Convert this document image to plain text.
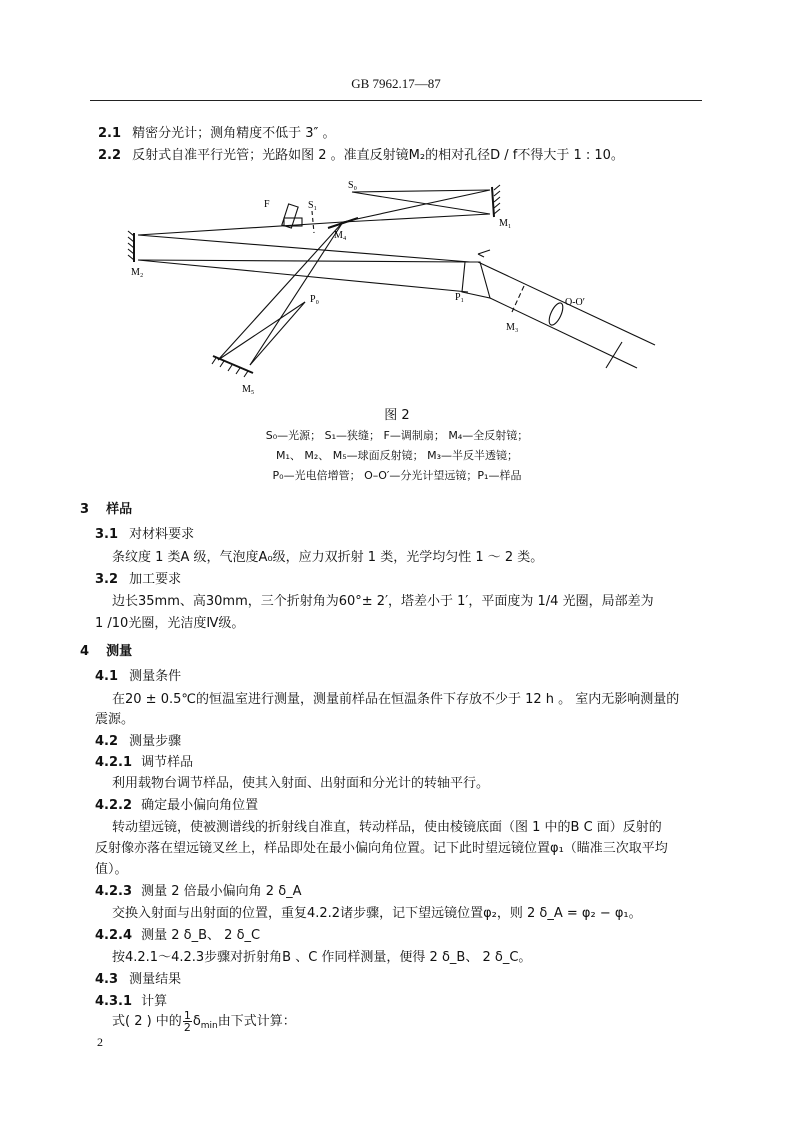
GB 7962.17—87
2.1 精密分光计；测角精度不低于 3″ 。
2.2 反射式自准平行光管；光路如图 2 。准直反射镜M₂的相对孔径D / f不得大于 1 : 10。
S₀
F	S₁
M₁
M₄
M₂
P₀	P₁
M₃
O-O′
M₅
图 2
S₀—光源； S₁—狭缝； F—调制扇； M₄—全反射镜；
M₁、 M₂、 M₅—球面反射镜； M₃—半反半透镜；
P₀—光电倍增管； O–O′—分光计望远镜；P₁—样品
3 样品
3.1 对材料要求
条纹度 1 类A 级，气泡度A₀级，应力双折射 1 类，光学均匀性 1 ～ 2 类。
3.2 加工要求
边长35mm、高30mm，三个折射角为60°± 2′，塔差小于 1′，平面度为 1/4 光圈，局部差为
1 /10光圈，光洁度Ⅳ级。
4 测量
4.1 测量条件
在20 ± 0.5℃的恒温室进行测量，测量前样品在恒温条件下存放不少于 12 h 。 室内无影响测量的
震源。
4.2 测量步骤
4.2.1 调节样品
利用载物台调节样品，使其入射面、出射面和分光计的转轴平行。
4.2.2 确定最小偏向角位置
转动望远镜，使被测谱线的折射线自准直，转动样品，使由棱镜底面（图 1 中的B C 面）反射的
反射像亦落在望远镜叉丝上，样品即处在最小偏向角位置。记下此时望远镜位置φ₁（瞄准三次取平均
值）。
4.2.3 测量 2 倍最小偏向角 2 δ_A
交换入射面与出射面的位置，重复4.2.2诸步骤，记下望远镜位置φ₂，则 2 δ_A = φ₂ − φ₁。
4.2.4 测量 2 δ_B、 2 δ_C
按4.2.1～4.2.3步骤对折射角B 、C 作同样测量，便得 2 δ_B、 2 δ_C。
4.3 测量结果
4.3.1 计算
式( 2 ) 中的 $\frac{1}{2} \delta_{min}$由下式计算：
2
